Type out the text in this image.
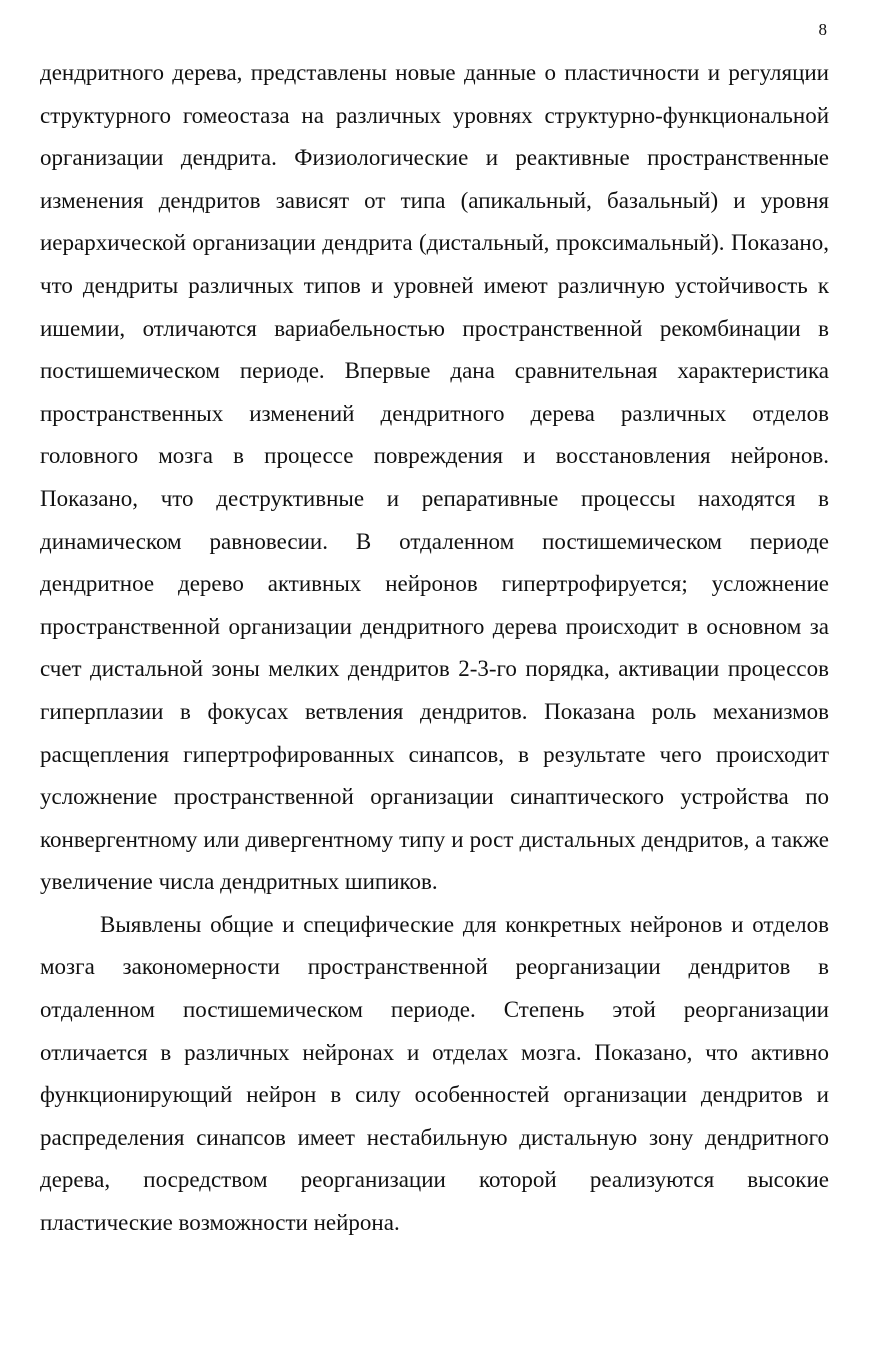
8

дендритного дерева, представлены новые данные о пластичности и регуляции структурного гомеостаза на различных уровнях структурно-функциональной организации дендрита. Физиологические и реактивные пространственные изменения дендритов зависят от типа (апикальный, базальный) и уровня иерархической организации дендрита (дистальный, проксимальный). Показано, что дендриты различных типов и уровней имеют различную устойчивость к ишемии, отличаются вариабельностью пространственной рекомбинации в постишемическом периоде. Впервые дана сравнительная характеристика пространственных изменений дендритного дерева различных отделов головного мозга в процессе повреждения и восстановления нейронов. Показано, что деструктивные и репаративные процессы находятся в динамическом равновесии. В отдаленном постишемическом периоде дендритное дерево активных нейронов гипертрофируется; усложнение пространственной организации дендритного дерева происходит в основном за счет дистальной зоны мелких дендритов 2-3-го порядка, активации процессов гиперплазии в фокусах ветвления дендритов. Показана роль механизмов расщепления гипертрофированных синапсов, в результате чего происходит усложнение пространственной организации синаптического устройства по конвергентному или дивергентному типу и рост дистальных дендритов, а также увеличение числа дендритных шипиков.

Выявлены общие и специфические для конкретных нейронов и отделов мозга закономерности пространственной реорганизации дендритов в отдаленном постишемическом периоде. Степень этой реорганизации отличается в различных нейронах и отделах мозга. Показано, что активно функционирующий нейрон в силу особенностей организации дендритов и распределения синапсов имеет нестабильную дистальную зону дендритного дерева, посредством реорганизации которой реализуются высокие пластические возможности нейрона.
